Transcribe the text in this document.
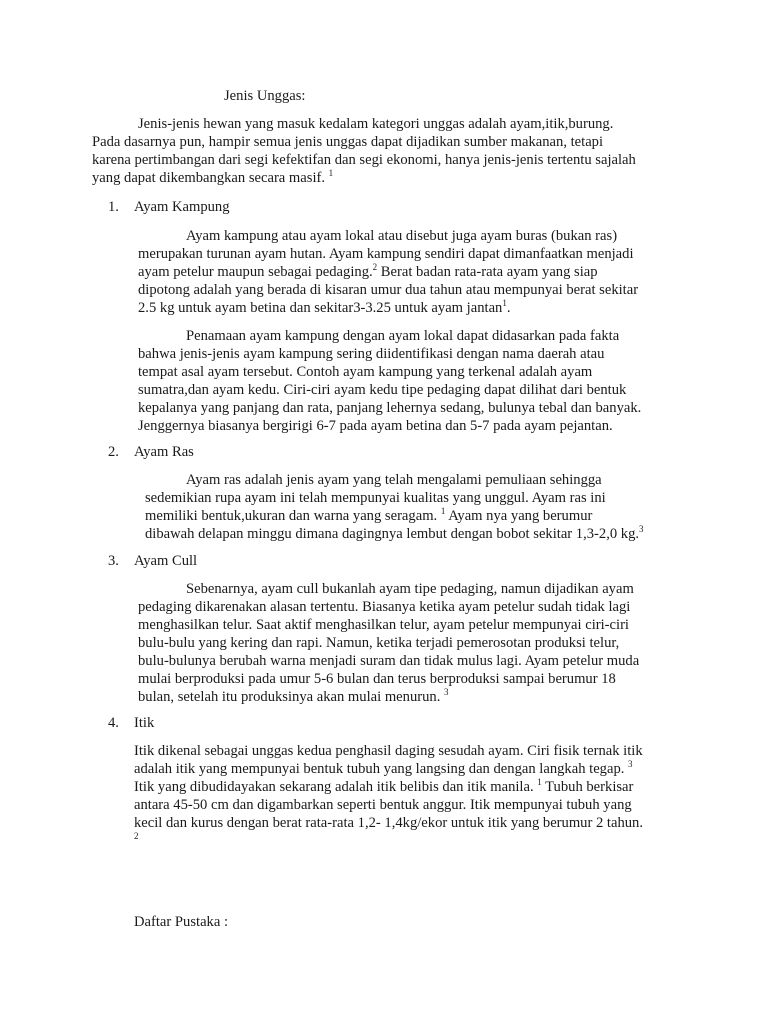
Jenis Unggas:
Jenis-jenis hewan yang masuk kedalam kategori unggas adalah ayam,itik,burung.
Pada dasarnya pun, hampir semua jenis unggas dapat dijadikan sumber makanan, tetapi
karena pertimbangan dari segi kefektifan dan segi ekonomi, hanya jenis-jenis tertentu sajalah
yang dapat dikembangkan secara masif. $^1$
1. Ayam Kampung
Ayam kampung atau ayam lokal atau disebut juga ayam buras (bukan ras)
merupakan turunan ayam hutan. Ayam kampung sendiri dapat dimanfaatkan menjadi
ayam petelur maupun sebagai pedaging.$^2$ Berat badan rata-rata ayam yang siap
dipotong adalah yang berada di kisaran umur dua tahun atau mempunyai berat sekitar
2.5 kg untuk ayam betina dan sekitar3-3.25 untuk ayam jantan$^1$.
Penamaan ayam kampung dengan ayam lokal dapat didasarkan pada fakta
bahwa jenis-jenis ayam kampung sering diidentifikasi dengan nama daerah atau
tempat asal ayam tersebut. Contoh ayam kampung yang terkenal adalah ayam
sumatra,dan ayam kedu. Ciri-ciri ayam kedu tipe pedaging dapat dilihat dari bentuk
kepalanya yang panjang dan rata, panjang lehernya sedang, bulunya tebal dan banyak.
Jenggernya biasanya bergirigi 6-7 pada ayam betina dan 5-7 pada ayam pejantan.
2. Ayam Ras
Ayam ras adalah jenis ayam yang telah mengalami pemuliaan sehingga
sedemikian rupa ayam ini telah mempunyai kualitas yang unggul. Ayam ras ini
memiliki bentuk,ukuran dan warna yang seragam. $^1$ Ayam nya yang berumur
dibawah delapan minggu dimana dagingnya lembut dengan bobot sekitar 1,3-2,0 kg.$^3$
3. Ayam Cull
Sebenarnya, ayam cull bukanlah ayam tipe pedaging, namun dijadikan ayam
pedaging dikarenakan alasan tertentu. Biasanya ketika ayam petelur sudah tidak lagi
menghasilkan telur. Saat aktif menghasilkan telur, ayam petelur mempunyai ciri-ciri
bulu-bulu yang kering dan rapi. Namun, ketika terjadi pemerosotan produksi telur,
bulu-bulunya berubah warna menjadi suram dan tidak mulus lagi. Ayam petelur muda
mulai berproduksi pada umur 5-6 bulan dan terus berproduksi sampai berumur 18
bulan, setelah itu produksinya akan mulai menurun. $^3$
4. Itik
Itik dikenal sebagai unggas kedua penghasil daging sesudah ayam. Ciri fisik ternak itik
adalah itik yang mempunyai bentuk tubuh yang langsing dan dengan langkah tegap. $^3$
Itik yang dibudidayakan sekarang adalah itik belibis dan itik manila. $^1$ Tubuh berkisar
antara 45-50 cm dan digambarkan seperti bentuk anggur. Itik mempunyai tubuh yang
kecil dan kurus dengan berat rata-rata 1,2- 1,4kg/ekor untuk itik yang berumur 2 tahun.
$^2$
Daftar Pustaka :
